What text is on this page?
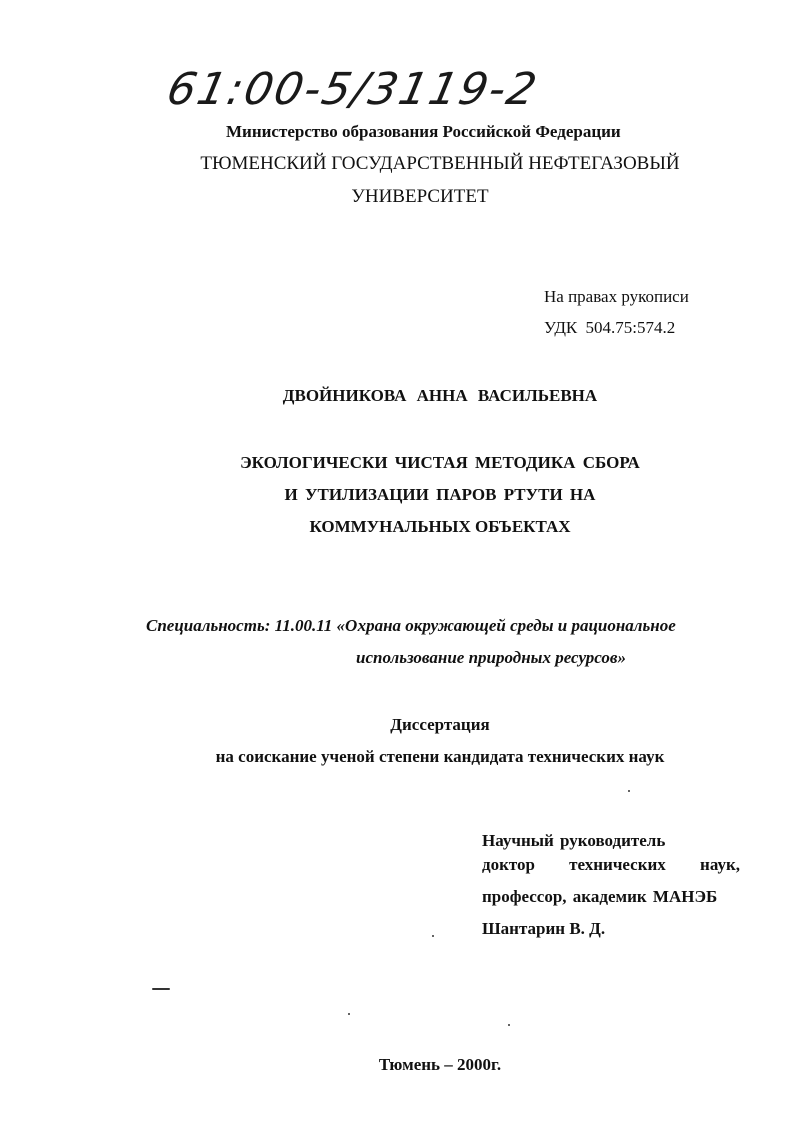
61:00-5/3119-2
Министерство образования Российской Федерации
ТЮМЕНСКИЙ ГОСУДАРСТВЕННЫЙ НЕФТЕГАЗОВЫЙ
УНИВЕРСИТЕТ
На правах рукописи
УДК 504.75:574.2
ДВОЙНИКОВА АННА ВАСИЛЬЕВНА
ЭКОЛОГИЧЕСКИ ЧИСТАЯ МЕТОДИКА СБОРА
И УТИЛИЗАЦИИ ПАРОВ РТУТИ НА
КОММУНАЛЬНЫХ ОБЪЕКТАХ
Специальность: 11.00.11 «Охрана окружающей среды и рациональное
использование природных ресурсов»
Диссертация
на соискание ученой степени кандидата технических наук
Научный руководитель
доктор технических наук,
профессор, академик МАНЭБ
Шантарин В. Д.
Тюмень – 2000г.
